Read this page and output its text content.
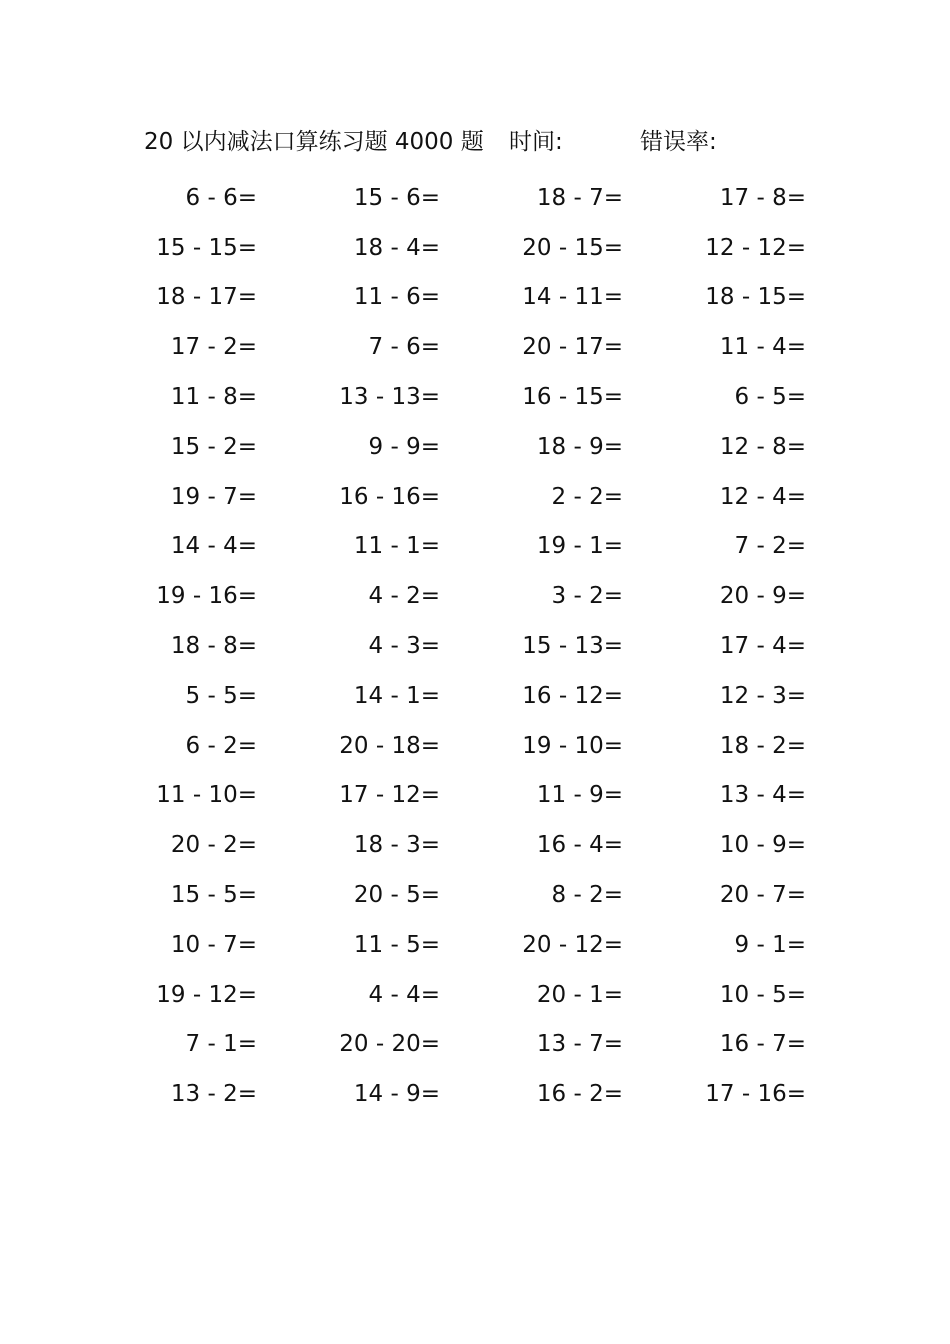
20 以内减法口算练习题 4000 题 时间:	错误率:
6 - 6=	15 - 6=	18 - 7=	17 - 8=
15 - 15=	18 - 4=	20 - 15=	12 - 12=
18 - 17=	11 - 6=	14 - 11=	18 - 15=
17 - 2=	7 - 6=	20 - 17=	11 - 4=
11 - 8=	13 - 13=	16 - 15=	6 - 5=
15 - 2=	9 - 9=	18 - 9=	12 - 8=
19 - 7=	16 - 16=	2 - 2=	12 - 4=
14 - 4=	11 - 1=	19 - 1=	7 - 2=
19 - 16=	4 - 2=	3 - 2=	20 - 9=
18 - 8=	4 - 3=	15 - 13=	17 - 4=
5 - 5=	14 - 1=	16 - 12=	12 - 3=
6 - 2=	20 - 18=	19 - 10=	18 - 2=
11 - 10=	17 - 12=	11 - 9=	13 - 4=
20 - 2=	18 - 3=	16 - 4=	10 - 9=
15 - 5=	20 - 5=	8 - 2=	20 - 7=
10 - 7=	11 - 5=	20 - 12=	9 - 1=
19 - 12=	4 - 4=	20 - 1=	10 - 5=
7 - 1=	20 - 20=	13 - 7=	16 - 7=
13 - 2=	14 - 9=	16 - 2=	17 - 16=
